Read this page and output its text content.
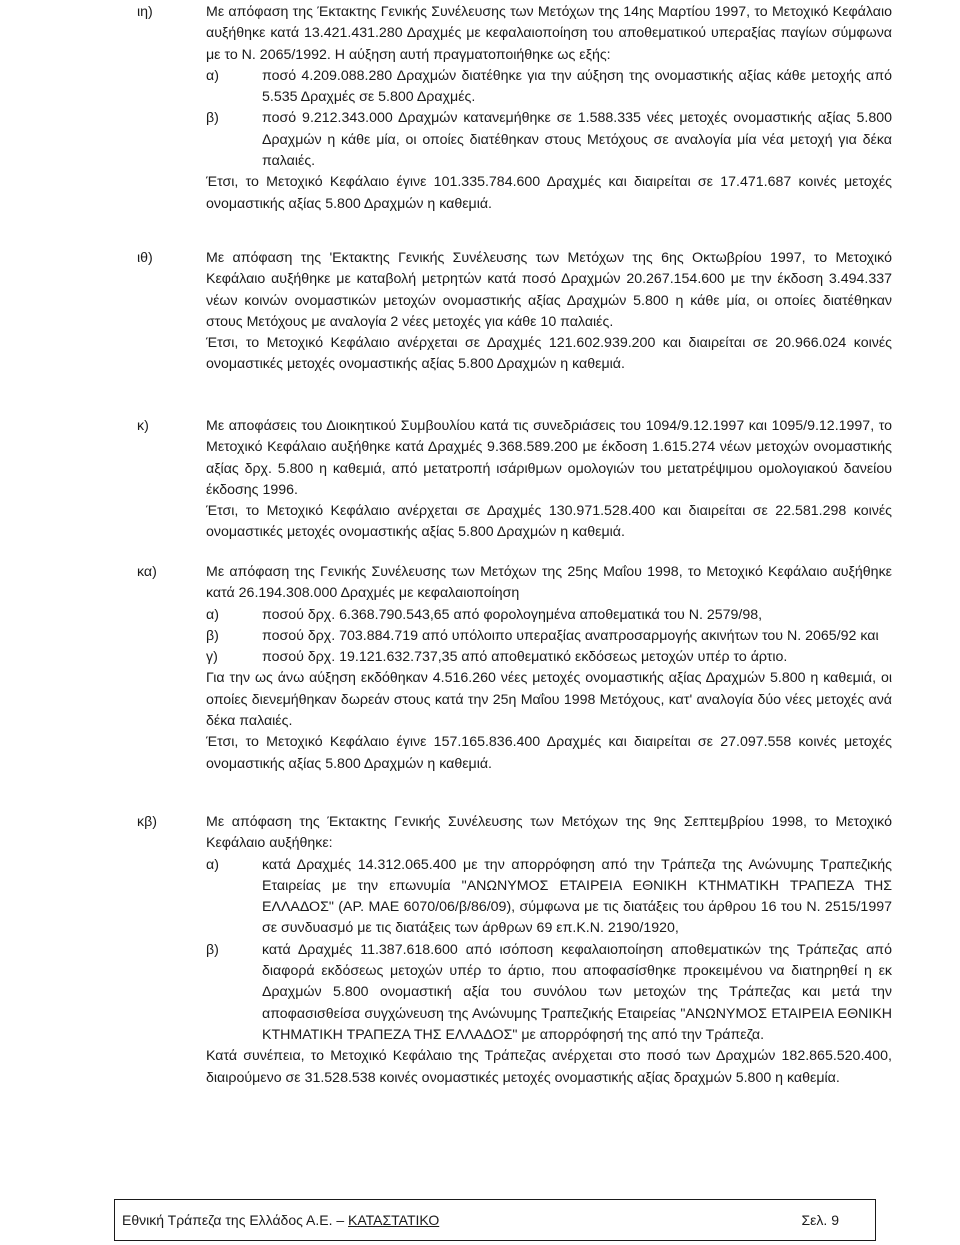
ιη)	Με απόφαση της Έκτακτης Γενικής Συνέλευσης των Μετόχων της 14ης Μαρτίου 1997, το Μετοχικό Κεφάλαιο αυξήθηκε κατά 13.421.431.280 Δραχμές με κεφαλαιοποίηση του αποθεματικού υπεραξίας παγίων σύμφωνα με το Ν. 2065/1992. Η αύξηση αυτή πραγματοποιήθηκε ως εξής:

α)	ποσό 4.209.088.280 Δραχμών διατέθηκε για την αύξηση της ονομαστικής αξίας κάθε μετοχής από 5.535 Δραχμές σε 5.800 Δραχμές.
β)	ποσό 9.212.343.000 Δραχμών κατανεμήθηκε σε 1.588.335 νέες μετοχές ονομαστικής αξίας 5.800 Δραχμών η κάθε μία, οι οποίες διατέθηκαν στους Μετόχους σε αναλογία μία νέα μετοχή για δέκα παλαιές.

Έτσι, το Μετοχικό Κεφάλαιο έγινε 101.335.784.600 Δραχμές και διαιρείται σε 17.471.687 κοινές μετοχές ονομαστικής αξίας 5.800 Δραχμών η καθεμιά.

ιθ)	Με απόφαση της 'Εκτακτης Γενικής Συνέλευσης των Μετόχων της 6ης Οκτωβρίου 1997, το Μετοχικό Κεφάλαιο αυξήθηκε με καταβολή μετρητών κατά ποσό Δραχμών 20.267.154.600 με την έκδοση 3.494.337 νέων κοινών ονομαστικών μετοχών ονομαστικής αξίας Δραχμών 5.800 η κάθε μία, οι οποίες διατέθηκαν στους Μετόχους με αναλογία 2 νέες μετοχές για κάθε 10 παλαιές.

Έτσι, το Μετοχικό Κεφάλαιο ανέρχεται σε Δραχμές 121.602.939.200 και διαιρείται σε 20.966.024 κοινές ονομαστικές μετοχές ονομαστικής αξίας 5.800 Δραχμών η καθεμιά.

κ)	Με αποφάσεις του Διοικητικού Συμβουλίου κατά τις συνεδριάσεις του 1094/9.12.1997 και 1095/9.12.1997, το Μετοχικό Κεφάλαιο αυξήθηκε κατά Δραχμές 9.368.589.200 με έκδοση 1.615.274 νέων μετοχών ονομαστικής αξίας δρχ. 5.800 η καθεμιά, από μετατροπή ισάριθμων ομολογιών του μετατρέψιμου ομολογιακού δανείου έκδοσης 1996.

Έτσι, το Μετοχικό Κεφάλαιο ανέρχεται σε Δραχμές 130.971.528.400 και διαιρείται σε 22.581.298 κοινές ονομαστικές μετοχές ονομαστικής αξίας 5.800 Δραχμών η καθεμιά.

κα)	Με απόφαση της Γενικής Συνέλευσης των Μετόχων της 25ης Μαΐου 1998, το Μετοχικό Κεφάλαιο αυξήθηκε κατά 26.194.308.000 Δραχμές με κεφαλαιοποίηση

α)	ποσού δρχ. 6.368.790.543,65 από φορολογημένα αποθεματικά του Ν. 2579/98,
β)	ποσού δρχ. 703.884.719 από υπόλοιπο υπεραξίας αναπροσαρμογής ακινήτων του Ν. 2065/92 και
γ)	ποσού δρχ. 19.121.632.737,35 από αποθεματικό εκδόσεως μετοχών υπέρ το άρτιο.

Για την ως άνω αύξηση εκδόθηκαν 4.516.260 νέες μετοχές ονομαστικής αξίας Δραχμών 5.800 η καθεμιά, οι οποίες διενεμήθηκαν δωρεάν στους κατά την 25η Μαΐου 1998 Μετόχους, κατ' αναλογία δύο νέες μετοχές ανά δέκα παλαιές.

Έτσι, το Μετοχικό Κεφάλαιο έγινε 157.165.836.400 Δραχμές και διαιρείται σε 27.097.558 κοινές μετοχές ονομαστικής αξίας 5.800 Δραχμών η καθεμιά.

κβ)	Με απόφαση της Έκτακτης Γενικής Συνέλευσης των Μετόχων της 9ης Σεπτεμβρίου 1998, το Μετοχικό Κεφάλαιο αυξήθηκε:

α)	κατά Δραχμές 14.312.065.400 με την απορρόφηση από την Τράπεζα της Ανώνυμης Τραπεζικής Εταιρείας με την επωνυμία "ΑΝΩΝΥΜΟΣ ΕΤΑΙΡΕΙΑ ΕΘΝΙΚΗ ΚΤΗΜΑΤΙΚΗ ΤΡΑΠΕΖΑ ΤΗΣ ΕΛΛΑΔΟΣ" (ΑΡ. ΜΑΕ 6070/06/β/86/09), σύμφωνα με τις διατάξεις του άρθρου 16 του Ν. 2515/1997 σε συνδυασμό με τις διατάξεις των άρθρων 69 επ.Κ.Ν. 2190/1920,
β)	κατά Δραχμές 11.387.618.600 από ισόποση κεφαλαιοποίηση αποθεματικών της Τράπεζας από διαφορά εκδόσεως μετοχών υπέρ το άρτιο, που αποφασίσθηκε προκειμένου να διατηρηθεί η εκ Δραχμών 5.800 ονομαστική αξία του συνόλου των μετοχών της Τράπεζας και μετά την αποφασισθείσα συγχώνευση της Ανώνυμης Τραπεζικής Εταιρείας "ΑΝΩΝΥΜΟΣ ΕΤΑΙΡΕΙΑ ΕΘΝΙΚΗ ΚΤΗΜΑΤΙΚΗ ΤΡΑΠΕΖΑ ΤΗΣ ΕΛΛΑΔΟΣ" με απορρόφησή της από την Τράπεζα.

Κατά συνέπεια, το Μετοχικό Κεφάλαιο της Τράπεζας ανέρχεται στο ποσό των Δραχμών 182.865.520.400, διαιρούμενο σε 31.528.538 κοινές ονομαστικές μετοχές ονομαστικής αξίας δραχμών 5.800 η καθεμία.

Εθνική Τράπεζα της Ελλάδος Α.Ε. – ΚΑΤΑΣΤΑΤΙΚΟ	Σελ. 9
